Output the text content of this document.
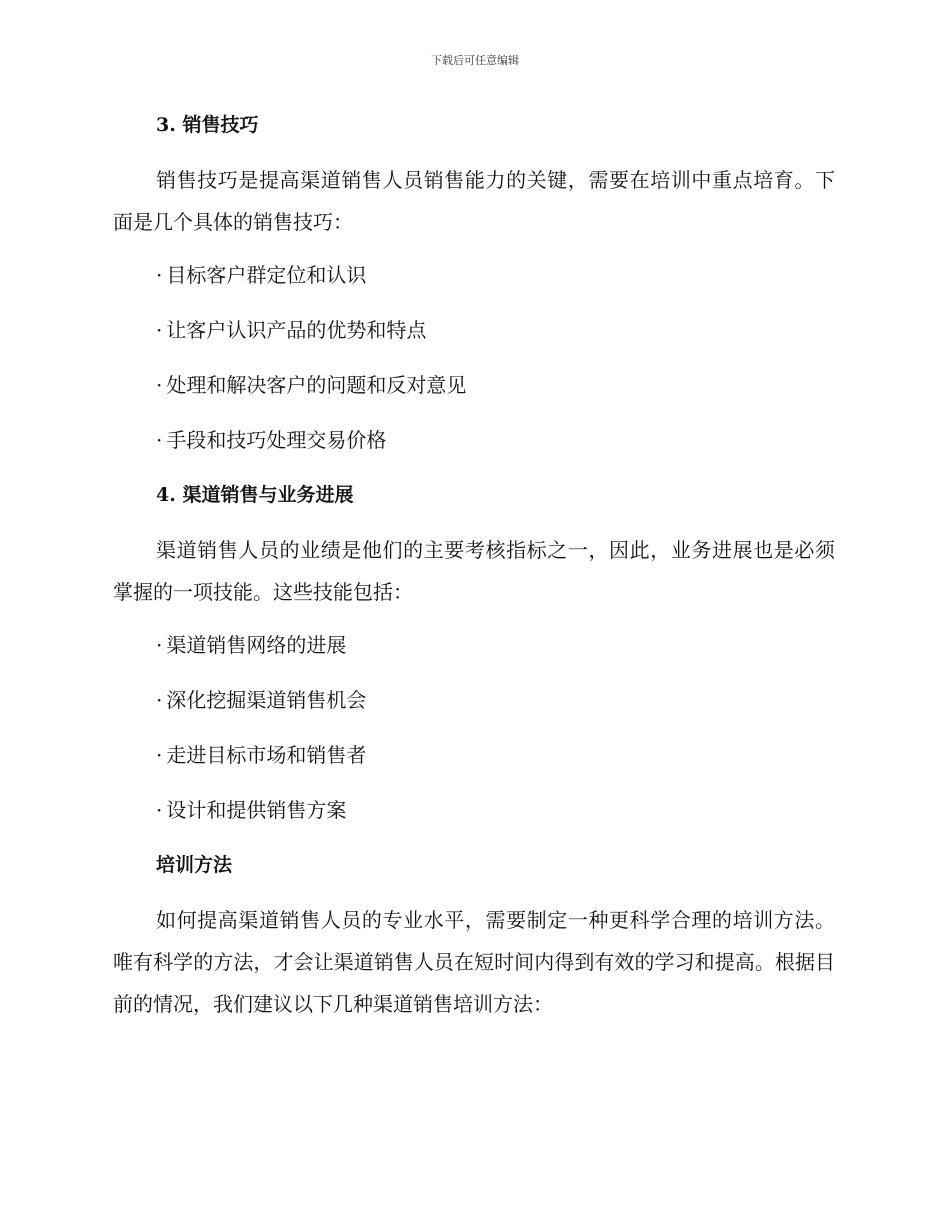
下载后可任意编辑
3. 销售技巧

销售技巧是提高渠道销售人员销售能力的关键，需要在培训中重点培育。下面是几个具体的销售技巧：

· 目标客户群定位和认识
· 让客户认识产品的优势和特点
· 处理和解决客户的问题和反对意见
· 手段和技巧处理交易价格
4. 渠道销售与业务进展

渠道销售人员的业绩是他们的主要考核指标之一，因此，业务进展也是必须掌握的一项技能。这些技能包括：

· 渠道销售网络的进展
· 深化挖掘渠道销售机会
· 走进目标市场和销售者
· 设计和提供销售方案
培训方法

如何提高渠道销售人员的专业水平，需要制定一种更科学合理的培训方法。唯有科学的方法，才会让渠道销售人员在短时间内得到有效的学习和提高。根据目前的情况，我们建议以下几种渠道销售培训方法：
